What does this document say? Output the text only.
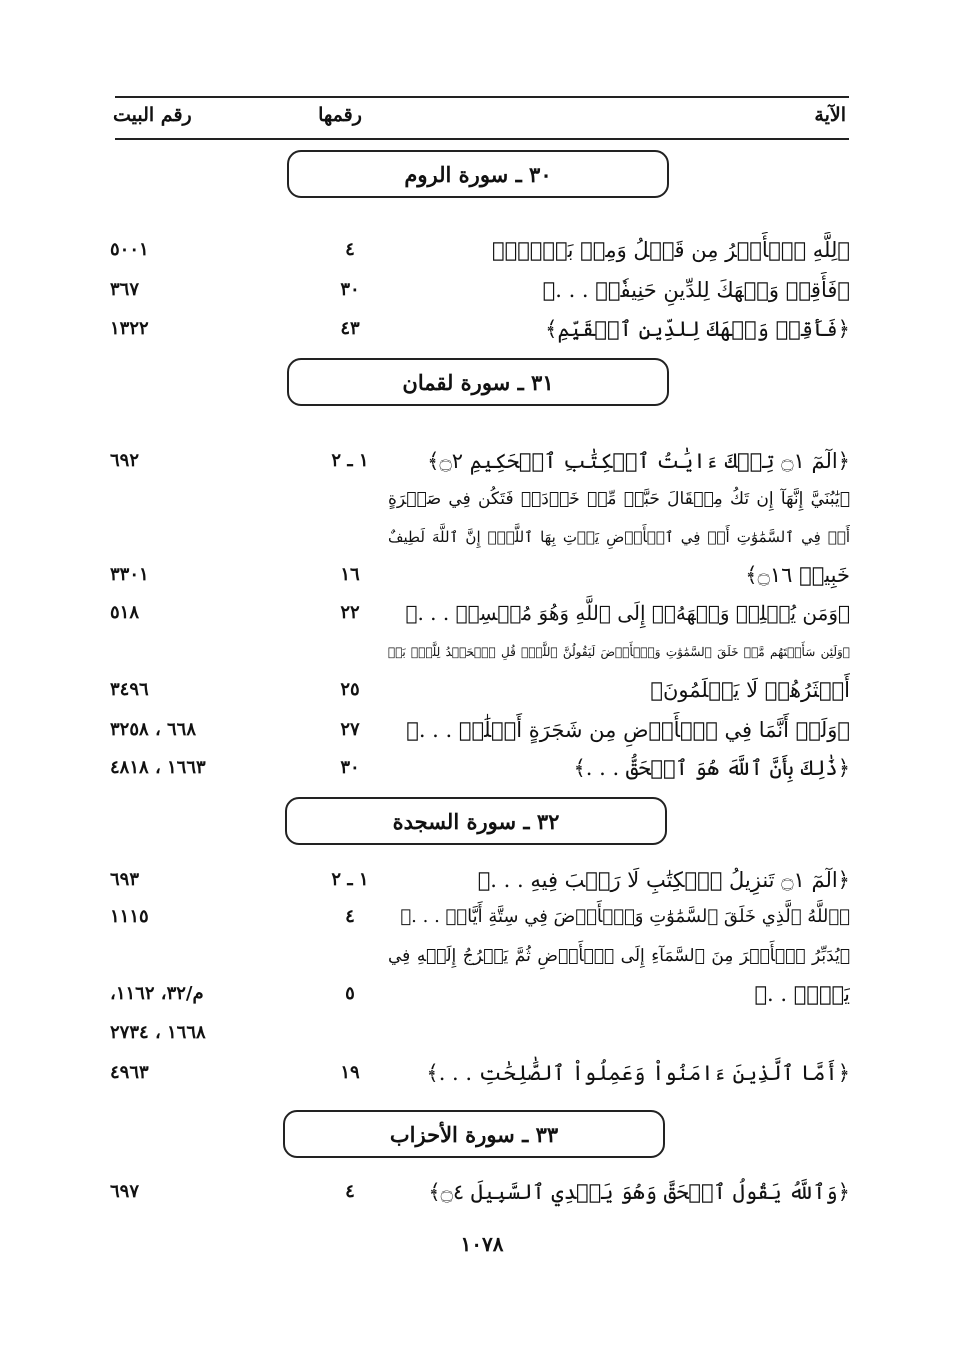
الآية
رقمها
رقم البيت
٣٠ ـ سورة الروم
﴿لِلَّهِ ٱلۡأَمۡرُ مِن قَبۡلُ وَمِنۢ بَعۡدُۚ﴾
٤
٥٠٠١
﴿فَأَقِمۡ وَجۡهَكَ لِلدِّينِ حَنِيفٗاۚ . . .﴾
٣٠
٣٦٧
﴿فَأَقِمۡ وَجۡهَكَ لِلدِّينِ ٱلۡقَيِّمِ﴾
٤٣
١٣٢٢
٣١ ـ سورة لقمان
﴿الٓمٓ ۝١ تِلۡكَ ءَايَٰتُ ٱلۡكِتَٰبِ ٱلۡحَكِيمِ ۝٢﴾
١ ـ ٢
٦٩٢
﴿يَٰبُنَيَّ إِنَّهَآ إِن تَكُ مِثۡقَالَ حَبَّةٖ مِّنۡ خَرۡدَلٖ فَتَكُن فِي صَخۡرَةٍ
أَوۡ فِي ٱلسَّمَٰوَٰتِ أَوۡ فِي ٱلۡأَرۡضِ يَأۡتِ بِهَا ٱللَّهُۚ إِنَّ ٱللَّهَ لَطِيفٌ
خَبِيرٞ ۝١٦﴾
١٦
٣٣٠١
﴿وَمَن يُسۡلِمۡ وَجۡهَهُۥٓ إِلَى ٱللَّهِ وَهُوَ مُحۡسِنٞ . . .﴾
٢٢
٥١٨
﴿وَلَئِن سَأَلۡتَهُم مَّنۡ خَلَقَ ٱلسَّمَٰوَٰتِ وَٱلۡأَرۡضَ لَيَقُولُنَّ ٱللَّهُۚ قُلِ ٱلۡحَمۡدُ لِلَّهِۚ بَلۡ
أَكۡثَرُهُمۡ لَا يَعۡلَمُونَ﴾
٢٥
٣٤٩٦
﴿وَلَوۡ أَنَّمَا فِي ٱلۡأَرۡضِ مِن شَجَرَةٍ أَقۡلَٰمٞ . . .﴾
٢٧
٦٦٨ ، ٣٢٥٨
﴿ذَٰلِكَ بِأَنَّ ٱللَّهَ هُوَ ٱلۡحَقُّ . . .﴾
٣٠
١٦٦٣ ، ٤٨١٨
٣٢ ـ سورة السجدة
﴿الٓمٓ ۝١ تَنزِيلُ ٱلۡكِتَٰبِ لَا رَيۡبَ فِيهِ . . .﴾
١ ـ ٢
٦٩٣
﴿ٱللَّهُ ٱلَّذِي خَلَقَ ٱلسَّمَٰوَٰتِ وَٱلۡأَرۡضَ فِي سِتَّةِ أَيَّامٖ . . .﴾
٤
١١١٥
﴿يُدَبِّرُ ٱلۡأَمۡرَ مِنَ ٱلسَّمَآءِ إِلَى ٱلۡأَرۡضِ ثُمَّ يَعۡرُجُ إِلَيۡهِ فِي
يَوۡمٖ . .﴾
٥
م/٣٢، ١١٦٢،
١٦٦٨ ، ٢٧٣٤
﴿أَمَّا ٱلَّذِينَ ءَامَنُواْ وَعَمِلُواْ ٱلصَّٰلِحَٰتِ . . .﴾
١٩
٤٩٦٣
٣٣ ـ سورة الأحزاب
﴿وَٱللَّهُ يَقُولُ ٱلۡحَقَّ وَهُوَ يَهۡدِي ٱلسَّبِيلَ ۝٤﴾
٤
٦٩٧
١٠٧٨
